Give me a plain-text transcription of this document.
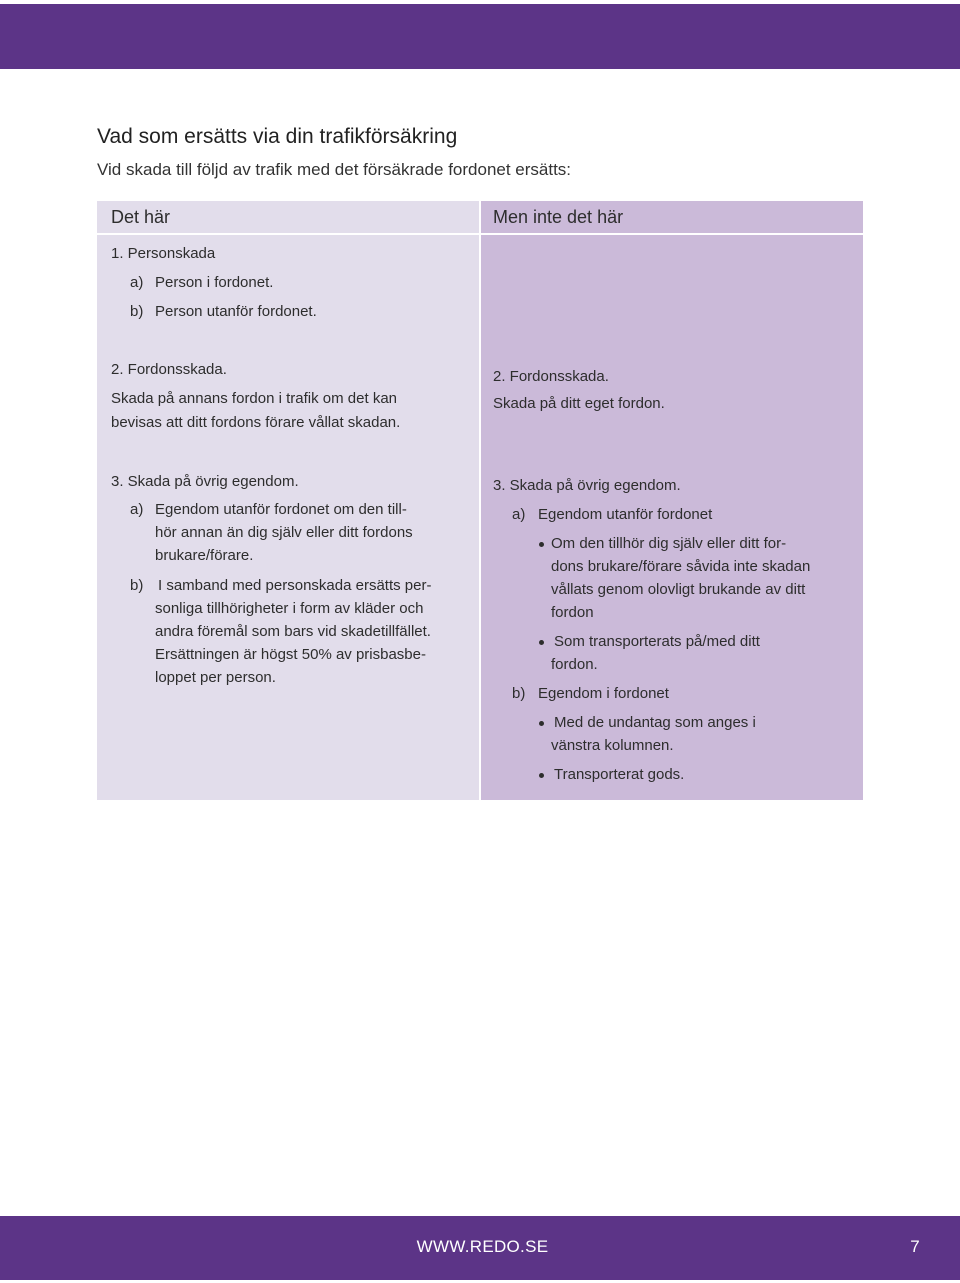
Vad som ersätts via din trafikförsäkring
Vid skada till följd av trafik med det försäkrade fordonet ersätts:
Det här
1. Personskada
a) Person i fordonet.
b) Person utanför fordonet.
2. Fordonsskada.
Skada på annans fordon i trafik om det kan
bevisas att ditt fordons förare vållat skadan.
3. Skada på övrig egendom.
a) Egendom utanför fordonet om den till-
hör annan än dig själv eller ditt fordons
brukare/förare.
b) I samband med personskada ersätts per-
sonliga tillhörigheter i form av kläder och
andra föremål som bars vid skadetillfället.
Ersättningen är högst 50% av prisbasbe-
loppet per person.
Men inte det här
2. Fordonsskada.
Skada på ditt eget fordon.
3. Skada på övrig egendom.
a) Egendom utanför fordonet
Om den tillhör dig själv eller ditt for-
dons brukare/förare såvida inte skadan
vållats genom olovligt brukande av ditt
fordon
Som transporterats på/med ditt
fordon.
b) Egendom i fordonet
Med de undantag som anges i
vänstra kolumnen.
Transporterat gods.
WWW.REDO.SE	7
